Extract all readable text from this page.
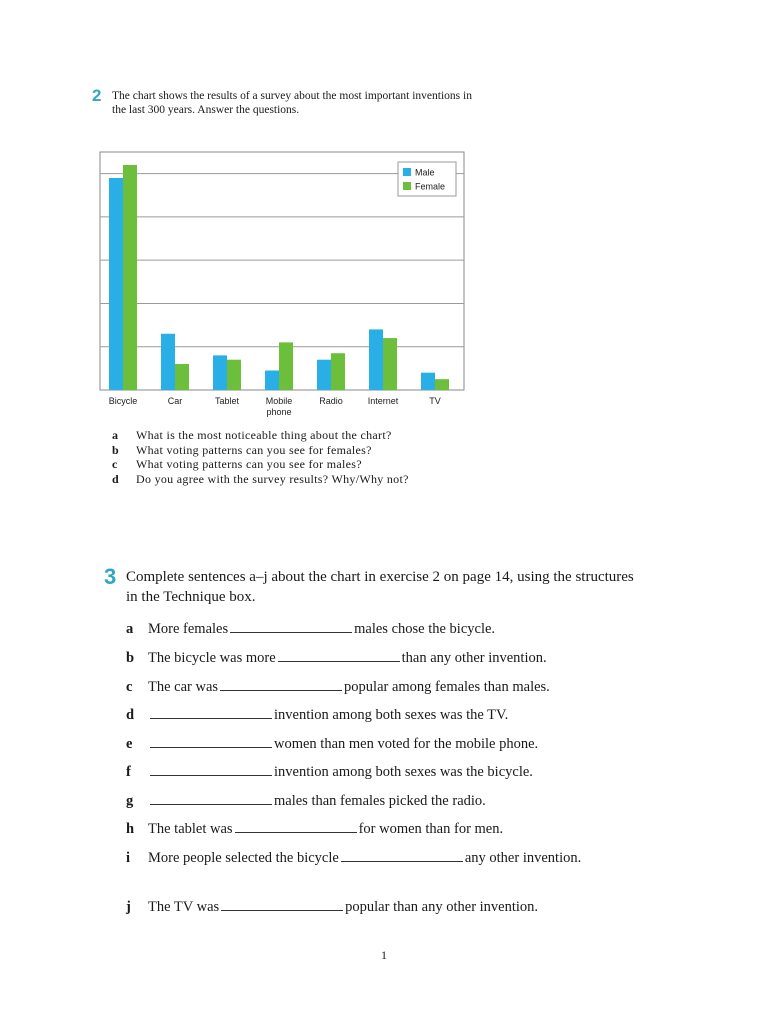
2 The chart shows the results of a survey about the most important inventions in the last 300 years. Answer the questions.
Bicycle	Car	Tablet	Mobile
phone
Radio	Internet	TV
Male
Female
a	What is the most noticeable thing about the chart?
b	What voting patterns can you see for females?
c	What voting patterns can you see for males?
d	Do you agree with the survey results? Why/Why not?
3 Complete sentences a–j about the chart in exercise 2 on page 14, using the structures in the Technique box.
a	More females	males chose the bicycle.
b The bicycle was more	than any other invention.
c	The car was	popular among females than males.
d	invention among both sexes was the TV.
e	women than men voted for the mobile phone.
f	invention among both sexes was the bicycle.
g	males than females picked the radio.
h The tablet was	for women than for men.
i	More people selected the bicycle	any other invention.
j	The TV was	popular than any other invention.
1
